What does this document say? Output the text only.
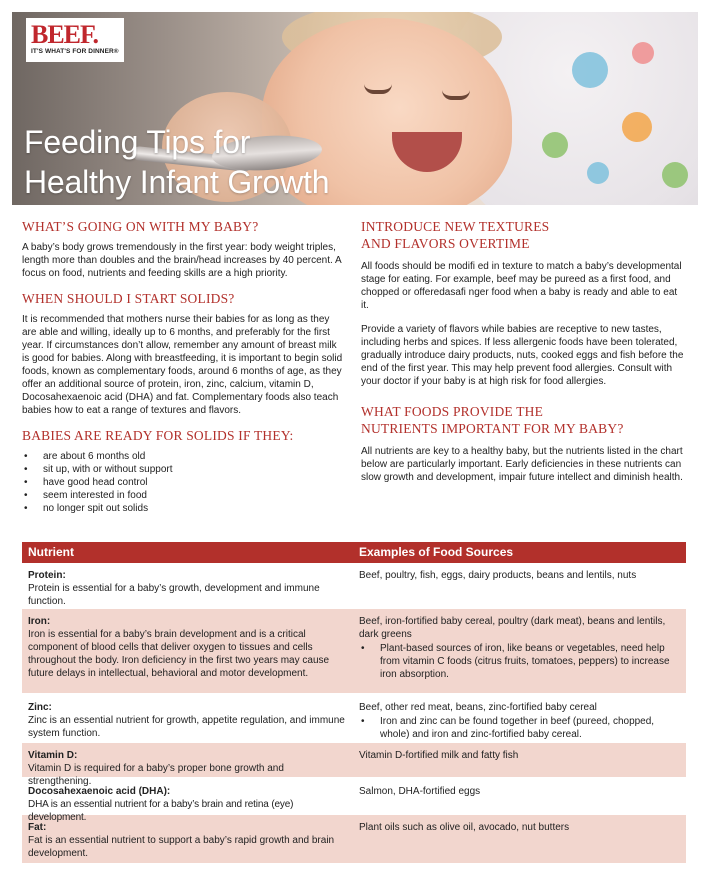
BEEF.
IT'S WHAT'S FOR DINNER®
Feeding Tips for
Healthy Infant Growth
WHAT’S GOING ON WITH MY BABY?

A baby’s body grows tremendously in the first year: body weight triples, length more than doubles and the brain/head increases by 40 percent. A focus on food, nutrients and feeding skills are a high priority.

WHEN SHOULD I START SOLIDS?

It is recommended that mothers nurse their babies for as long as they are able and willing, ideally up to 6 months, and preferably for the first year. If circumstances don’t allow, remember any amount of breast milk is good for babies. Along with breastfeeding, it is important to begin solid foods, known as complementary foods, around 6 months of age, as they offer an additional source of protein, iron, zinc, calcium, vitamin D, Docosahexaenoic acid (DHA) and fat. Complementary foods also teach babies how to eat a range of textures and flavors.

BABIES ARE READY FOR SOLIDS IF THEY:
• are about 6 months old
• sit up, with or without support
• have good head control
• seem interested in food
• no longer spit out solids
INTRODUCE NEW TEXTURES
AND FLAVORS OVERTIME

All foods should be modifi ed in texture to match a baby’s developmental stage for eating. For example, beef may be pureed as a first food, and chopped or offeredasafi nger food when a baby is ready and able to eat it.

Provide a variety of flavors while babies are receptive to new tastes, including herbs and spices. If less allergenic foods have been tolerated, gradually introduce dairy products, nuts, cooked eggs and fish before the end of the first year. This may help prevent food allergies. Consult with your doctor if your baby is at high risk for food allergies.

WHAT FOODS PROVIDE THE
NUTRIENTS IMPORTANT FOR MY BABY?

All nutrients are key to a healthy baby, but the nutrients listed in the chart below are particularly important. Early deficiencies in these nutrients can slow growth and development, impair future intellect and diminish health.

Nutrient	Examples of Food Sources
Protein:
Protein is essential for a baby’s growth, development and immune function.
Beef, poultry, fish, eggs, dairy products, beans and lentils, nuts
Iron:
Iron is essential for a baby’s brain development and is a critical component of blood cells that deliver oxygen to tissues and cells throughout the body. Iron deficiency in the first two years may cause future delays in intellectual, behavioral and motor development.
Beef, iron-fortified baby cereal, poultry (dark meat), beans and lentils, dark greens
• Plant-based sources of iron, like beans or vegetables, need help from vitamin C foods (citrus fruits, tomatoes, peppers) to increase iron absorption.
Zinc:
Zinc is an essential nutrient for growth, appetite regulation, and immune system function.
Beef, other red meat, beans, zinc-fortified baby cereal
• Iron and zinc can be found together in beef (pureed, chopped, whole) and iron and zinc-fortified baby cereal.
Vitamin D:
Vitamin D is required for a baby’s proper bone growth and strengthening.
Vitamin D-fortified milk and fatty fish
Docosahexaenoic acid (DHA):
DHA is an essential nutrient for a baby’s brain and retina (eye) development.
Salmon, DHA-fortified eggs
Fat:
Fat is an essential nutrient to support a baby’s rapid growth and brain development.
Plant oils such as olive oil, avocado, nut butters
